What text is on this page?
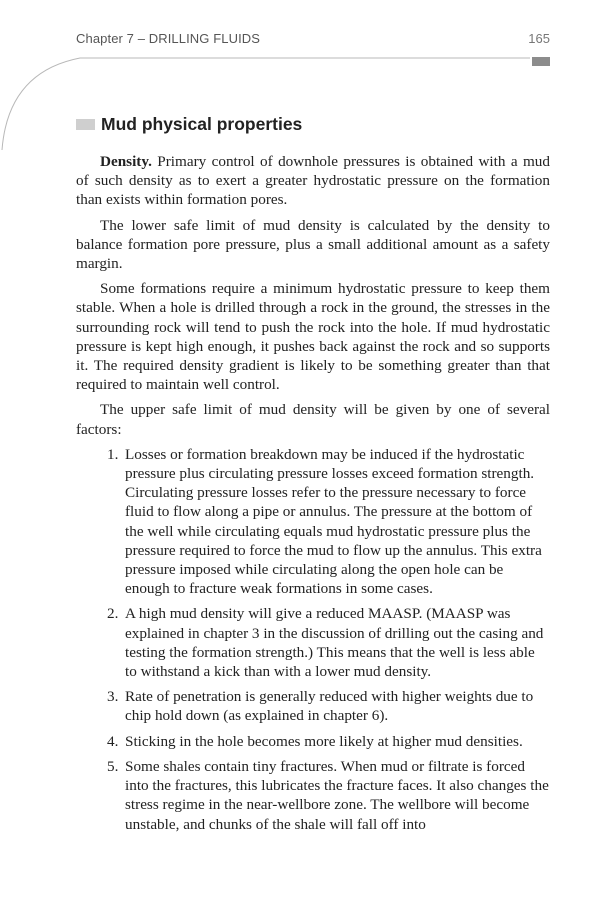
Chapter 7 – DRILLING FLUIDS	165
Mud physical properties

Density. Primary control of downhole pressures is obtained with a mud of such density as to exert a greater hydrostatic pressure on the formation than exists within formation pores.

The lower safe limit of mud density is calculated by the density to balance formation pore pressure, plus a small additional amount as a safety margin.

Some formations require a minimum hydrostatic pressure to keep them stable. When a hole is drilled through a rock in the ground, the stresses in the surrounding rock will tend to push the rock into the hole. If mud hydrostatic pressure is kept high enough, it pushes back against the rock and so supports it. The required density gradient is likely to be something greater than that required to maintain well control.

The upper safe limit of mud density will be given by one of several factors:

1. Losses or formation breakdown may be induced if the hydrostatic pressure plus circulating pressure losses exceed formation strength. Circulating pressure losses refer to the pressure necessary to force fluid to flow along a pipe or annulus. The pressure at the bottom of the well while circulating equals mud hydrostatic pressure plus the pressure required to force the mud to flow up the annulus. This extra pressure imposed while circulating along the open hole can be enough to fracture weak formations in some cases.
2. A high mud density will give a reduced MAASP. (MAASP was explained in chapter 3 in the discussion of drilling out the casing and testing the formation strength.) This means that the well is less able to withstand a kick than with a lower mud density.
3. Rate of penetration is generally reduced with higher weights due to chip hold down (as explained in chapter 6).
4. Sticking in the hole becomes more likely at higher mud densities.
5. Some shales contain tiny fractures. When mud or filtrate is forced into the fractures, this lubricates the fracture faces. It also changes the stress regime in the near-wellbore zone. The wellbore will become unstable, and chunks of the shale will fall off into
